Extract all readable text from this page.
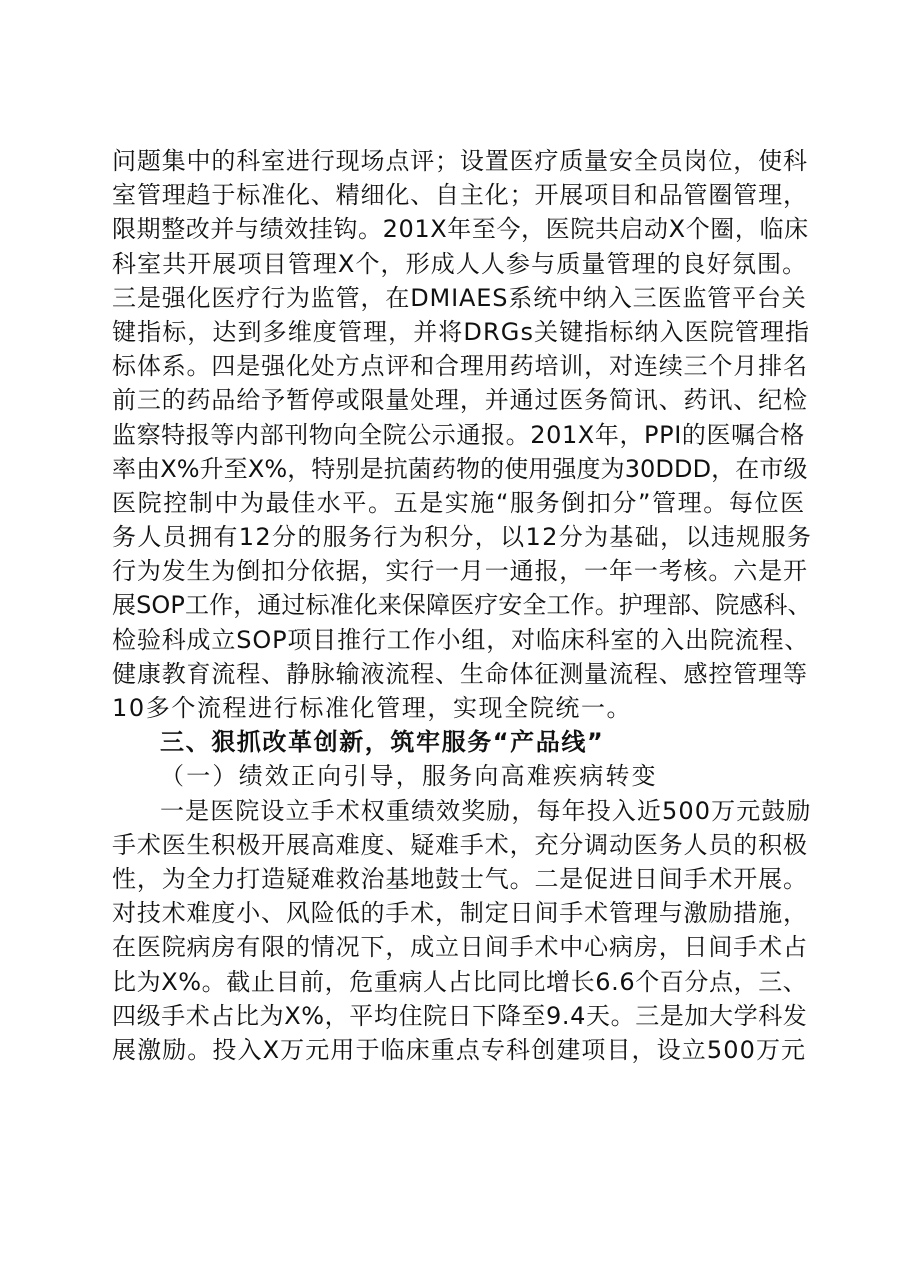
问题集中的科室进行现场点评；设置医疗质量安全员岗位，使科
室管理趋于标准化、精细化、自主化；开展项目和品管圈管理，
限期整改并与绩效挂钩。201X年至今，医院共启动X个圈，临床
科室共开展项目管理X个，形成人人参与质量管理的良好氛围。
三是强化医疗行为监管，在DMIAES系统中纳入三医监管平台关
键指标，达到多维度管理，并将DRGs关键指标纳入医院管理指
标体系。四是强化处方点评和合理用药培训，对连续三个月排名
前三的药品给予暂停或限量处理，并通过医务简讯、药讯、纪检
监察特报等内部刊物向全院公示通报。201X年，PPI的医嘱合格
率由X%升至X%，特别是抗菌药物的使用强度为30DDD，在市级
医院控制中为最佳水平。五是实施“服务倒扣分”管理。每位医
务人员拥有12分的服务行为积分，以12分为基础，以违规服务
行为发生为倒扣分依据，实行一月一通报，一年一考核。六是开
展SOP工作，通过标准化来保障医疗安全工作。护理部、院感科、
检验科成立SOP项目推行工作小组，对临床科室的入出院流程、
健康教育流程、静脉输液流程、生命体征测量流程、感控管理等
10多个流程进行标准化管理，实现全院统一。
三、狠抓改革创新，筑牢服务“产品线”
（一）绩效正向引导，服务向高难疾病转变
一是医院设立手术权重绩效奖励，每年投入近500万元鼓励
手术医生积极开展高难度、疑难手术，充分调动医务人员的积极
性，为全力打造疑难救治基地鼓士气。二是促进日间手术开展。
对技术难度小、风险低的手术，制定日间手术管理与激励措施，
在医院病房有限的情况下，成立日间手术中心病房，日间手术占
比为X%。截止目前，危重病人占比同比增长6.6个百分点，三、
四级手术占比为X%，平均住院日下降至9.4天。三是加大学科发
展激励。投入X万元用于临床重点专科创建项目，设立500万元
